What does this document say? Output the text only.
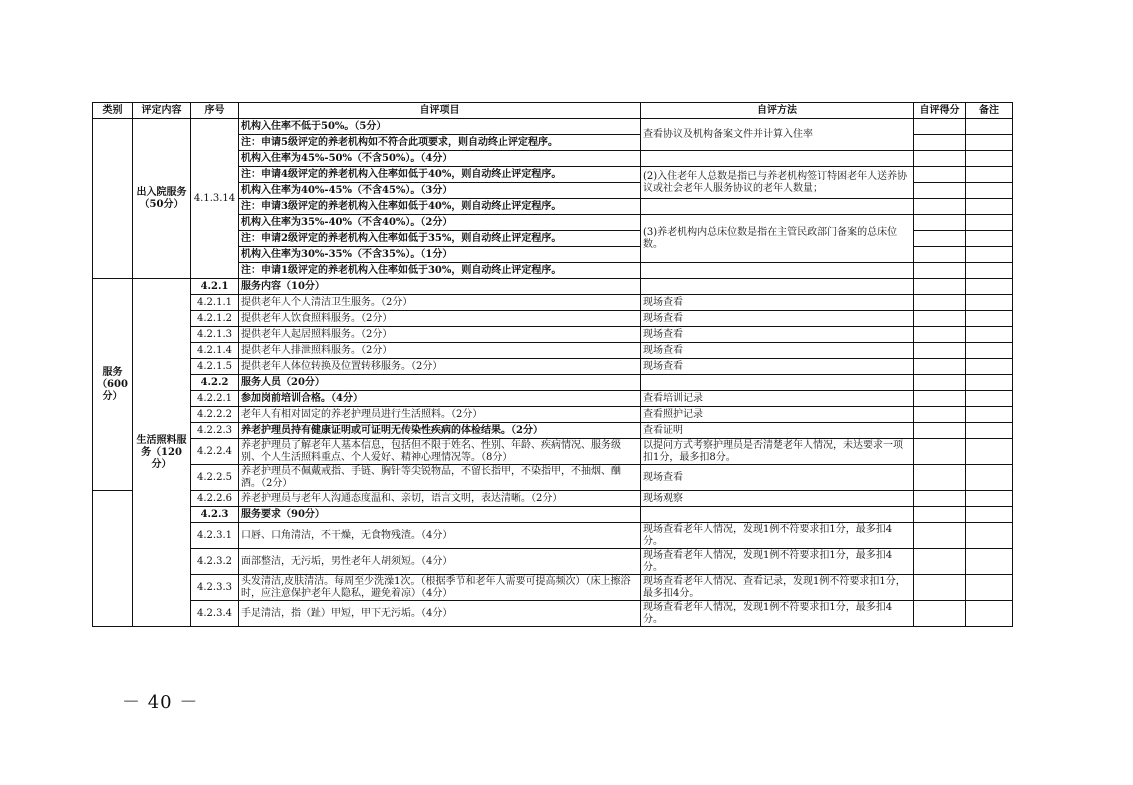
类别	评定内容	序号	自评项目	自评方法	自评得分	备注
	出入院服务（50分）	4.1.3.14	机构入住率不低于50%。（5分）	查看协议及机构备案文件并计算入住率		
			注：申请5级评定的养老机构如不符合此项要求，则自动终止评定程序。			
			机构入住率为45%-50%（不含50%）。（4分）			
			注：申请4级评定的养老机构入住率如低于40%，则自动终止评定程序。	(2)入住老年人总数是指已与养老机构签订特困老年人送养协议或社会老年人服务协议的老年人数量；		
			机构入住率为40%-45%（不含45%）。（3分）			
			注：申请3级评定的养老机构入住率如低于40%，则自动终止评定程序。			
			机构入住率为35%-40%（不含40%）。（2分）	(3)养老机构内总床位数是指在主管民政部门备案的总床位数。		
			注：申请2级评定的养老机构入住率如低于35%，则自动终止评定程序。			
			机构入住率为30%-35%（不含35%）。（1分）			
			注：申请1级评定的养老机构入住率如低于30%，则自动终止评定程序。			
服务（600分）	生活照料服务（120分）	4.2.1	服务内容（10分）			
		4.2.1.1	提供老年人个人清洁卫生服务。（2分）	现场查看		
		4.2.1.2	提供老年人饮食照料服务。（2分）	现场查看		
		4.2.1.3	提供老年人起居照料服务。（2分）	现场查看		
		4.2.1.4	提供老年人排泄照料服务。（2分）	现场查看		
		4.2.1.5	提供老年人体位转换及位置转移服务。（2分）	现场查看		
		4.2.2	服务人员（20分）			
		4.2.2.1	参加岗前培训合格。（4分）	查看培训记录		
		4.2.2.2	老年人有相对固定的养老护理员进行生活照料。（2分）	查看照护记录		
		4.2.2.3	养老护理员持有健康证明或可证明无传染性疾病的体检结果。（2分）	查看证明		
		4.2.2.4	养老护理员了解老年人基本信息，包括但不限于姓名、性别、年龄、疾病情况、服务级别、个人生活照料重点、个人爱好、精神心理情况等。（8分）	以提问方式考察护理员是否清楚老年人情况，未达要求一项扣1分，最多扣8分。		
		4.2.2.5	养老护理员不佩戴戒指、手链、胸针等尖锐物品，不留长指甲，不染指甲，不抽烟、酗酒。（2分）	现场查看		
		4.2.2.6	养老护理员与老年人沟通态度温和、亲切，语言文明，表达清晰。（2分）	现场观察		
		4.2.3	服务要求（90分）			
		4.2.3.1	口唇、口角清洁，不干燥，无食物残渣。（4分）	现场查看老年人情况，发现1例不符要求扣1分，最多扣4分。		
		4.2.3.2	面部整洁，无污垢，男性老年人胡须短。（4分）	现场查看老年人情况，发现1例不符要求扣1分，最多扣4分。		
		4.2.3.3	头发清洁,皮肤清洁。每周至少洗澡1次。（根据季节和老年人需要可提高频次）（床上擦浴时，应注意保护老年人隐私，避免着凉）（4分）	现场查看老年人情况、查看记录，发现1例不符要求扣1分，最多扣4分。		
		4.2.3.4	手足清洁，指（趾）甲短，甲下无污垢。（4分）	现场查看老年人情况，发现1例不符要求扣1分，最多扣4分。		
－ 40 －
